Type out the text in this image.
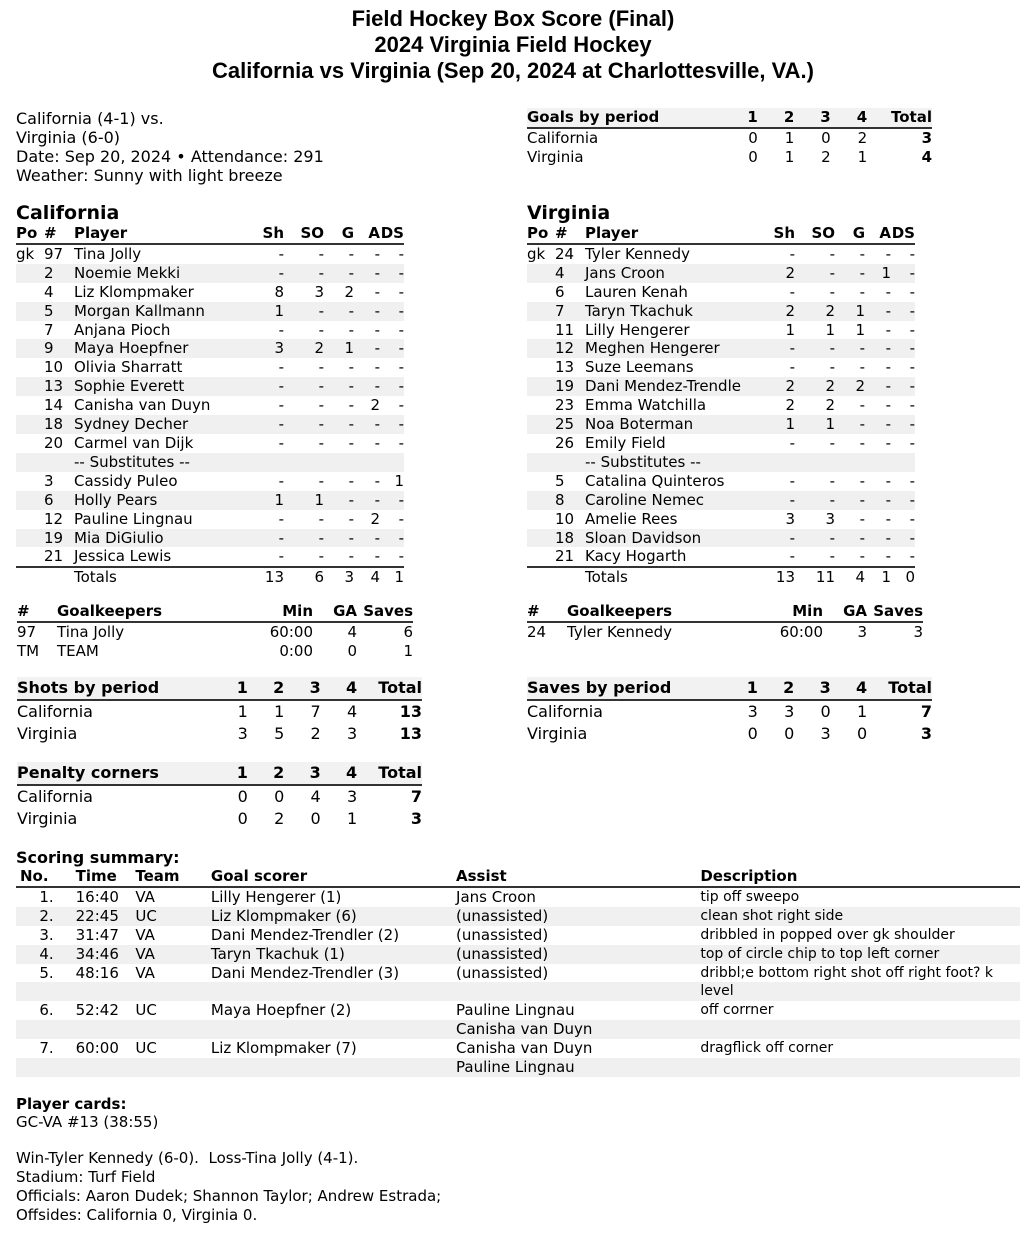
Field Hockey Box Score (Final)
2024 Virginia Field Hockey
California vs Virginia (Sep 20, 2024 at Charlottesville, VA.)
California (4-1) vs.
Virginia (6-0)
Date: Sep 20, 2024 • Attendance: 291
Weather: Sunny with light breeze
Goals by period	1	2	3	4	Total
California	0	1	0	2	3
Virginia	0	1	2	1	4
Shots by period	1	2	3	4	Total
California	1	1	7	4	13
Virginia	3	5	2	3	13
Saves by period	1	2	3	4	Total
California	3	3	0	1	7
Virginia	0	0	3	0	3
Penalty corners	1	2	3	4	Total
California	0	0	4	3	7
Virginia	0	2	0	1	3
California
Po	#	Player	Sh	SO	G	A	DS
gk	97	Tina Jolly	-	-	-	-	-
	2	Noemie Mekki	-	-	-	-	-
	4	Liz Klompmaker	8	3	2	-	-
	5	Morgan Kallmann	1	-	-	-	-
	7	Anjana Pioch	-	-	-	-	-
	9	Maya Hoepfner	3	2	1	-	-
	10	Olivia Sharratt	-	-	-	-	-
	13	Sophie Everett	-	-	-	-	-
	14	Canisha van Duyn	-	-	-	2	-
	18	Sydney Decher	-	-	-	-	-
	20	Carmel van Dijk	-	-	-	-	-
		-- Substitutes --					
	3	Cassidy Puleo	-	-	-	-	1
	6	Holly Pears	1	1	-	-	-
	12	Pauline Lingnau	-	-	-	2	-
	19	Mia DiGiulio	-	-	-	-	-
	21	Jessica Lewis	-	-	-	-	-
		Totals	13	6	3	4	1
#	Goalkeepers	Min	GA	Saves
97	Tina Jolly	60:00	4	6
TM	TEAM	0:00	0	1
Virginia
Po	#	Player	Sh	SO	G	A	DS
gk	24	Tyler Kennedy	-	-	-	-	-
	4	Jans Croon	2	-	-	1	-
	6	Lauren Kenah	-	-	-	-	-
	7	Taryn Tkachuk	2	2	1	-	-
	11	Lilly Hengerer	1	1	1	-	-
	12	Meghen Hengerer	-	-	-	-	-
	13	Suze Leemans	-	-	-	-	-
	19	Dani Mendez-Trendle	2	2	2	-	-
	23	Emma Watchilla	2	2	-	-	-
	25	Noa Boterman	1	1	-	-	-
	26	Emily Field	-	-	-	-	-
		-- Substitutes --					
	5	Catalina Quinteros	-	-	-	-	-
	8	Caroline Nemec	-	-	-	-	-
	10	Amelie Rees	3	3	-	-	-
	18	Sloan Davidson	-	-	-	-	-
	21	Kacy Hogarth	-	-	-	-	-
		Totals	13	11	4	1	0
#	Goalkeepers	Min	GA	Saves
24	Tyler Kennedy	60:00	3	3
Scoring summary:
No.	Time	Team	Goal scorer	Assist	Description
1.	16:40	VA	Lilly Hengerer (1)	Jans Croon	tip off sweepo
2.	22:45	UC	Liz Klompmaker (6)	(unassisted)	clean shot right side
3.	31:47	VA	Dani Mendez-Trendler (2)	(unassisted)	dribbled in popped over gk shoulder
4.	34:46	VA	Taryn Tkachuk (1)	(unassisted)	top of circle chip to top left corner
5.	48:16	VA	Dani Mendez-Trendler (3)	(unassisted)	dribbl;e bottom right shot off right foot? k
					level
6.	52:42	UC	Maya Hoepfner (2)	Pauline Lingnau	off corrner
				Canisha van Duyn	
7.	60:00	UC	Liz Klompmaker (7)	Canisha van Duyn	dragflick off corner
				Pauline Lingnau	
Player cards:
GC-VA #13 (38:55)
Win-Tyler Kennedy (6-0).  Loss-Tina Jolly (4-1).
Stadium: Turf Field
Officials: Aaron Dudek; Shannon Taylor; Andrew Estrada;
Offsides: California 0, Virginia 0.
